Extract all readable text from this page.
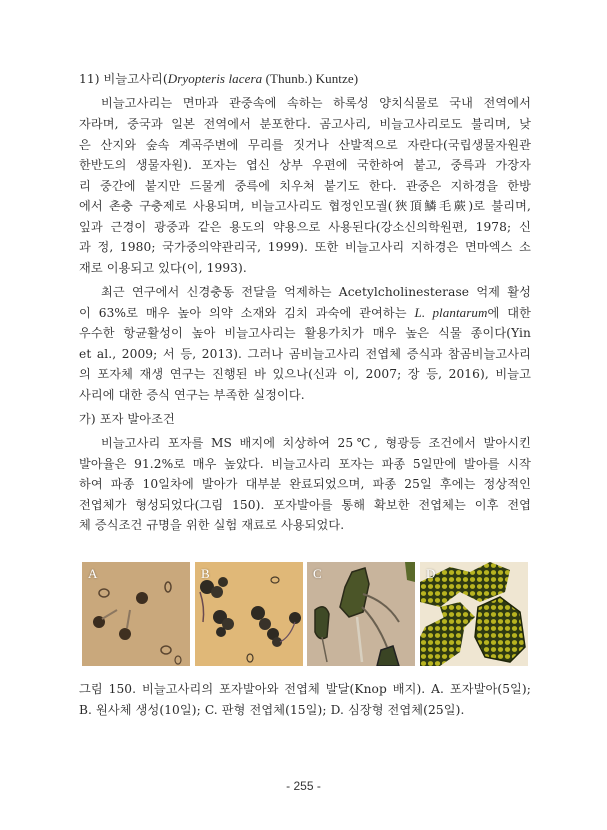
11) 비늘고사리(Dryopteris lacera (Thunb.) Kuntze)
비늘고사리는 면마과 관중속에 속하는 하록성 양치식물로 국내 전역에서
자라며, 중국과 일본 전역에서 분포한다. 곰고사리, 비늘고사리로도 불리며, 낮
은 산지와 숲속 계곡주변에 무리를 짓거나 산발적으로 자란다(국립생물자원관
한반도의 생물자원). 포자는 엽신 상부 우편에 국한하여 붙고, 중륵과 가장자
리 중간에 붙지만 드물게 중륵에 치우쳐 붙기도 한다. 관중은 지하경을 한방
에서 촌충 구충제로 사용되며, 비늘고사리도 협정인모궐(狹頂鱗毛蕨)로 불리며,
잎과 근경이 광중과 같은 용도의 약용으로 사용된다(강소신의학원편, 1978; 신
과 정, 1980; 국가중의약관리국, 1999). 또한 비늘고사리 지하경은 면마엑스 소
재로 이용되고 있다(이, 1993).
최근 연구에서 신경충동 전달을 억제하는 Acetylcholinesterase 억제 활성
이 63%로 매우 높아 의약 소재와 김치 과숙에 관여하는 L. plantarum에 대한
우수한 항균활성이 높아 비늘고사리는 활용가치가 매우 높은 식물 종이다(Yin
et al., 2009; 서 등, 2013). 그러나 곰비늘고사리 전엽체 증식과 참곰비늘고사리
의 포자체 재생 연구는 진행된 바 있으나(신과 이, 2007; 장 등, 2016), 비늘고
사리에 대한 증식 연구는 부족한 실정이다.
가) 포자 발아조건
비늘고사리 포자를 MS 배지에 치상하여 25℃, 형광등 조건에서 발아시킨
발아율은 91.2%로 매우 높았다. 비늘고사리 포자는 파종 5일만에 발아를 시작
하여 파종 10일차에 발아가 대부분 완료되었으며, 파종 25일 후에는 정상적인
전엽체가 형성되었다(그림 150). 포자발아를 통해 확보한 전엽체는 이후 전엽
체 증식조건 규명을 위한 실험 재료로 사용되었다.
A	B	C	D
그림 150. 비늘고사리의 포자발아와 전엽체 발달(Knop 배지). A. 포자발아(5일);
B. 원사체 생성(10일); C. 판형 전엽체(15일); D. 심장형 전엽체(25일).
- 255 -
